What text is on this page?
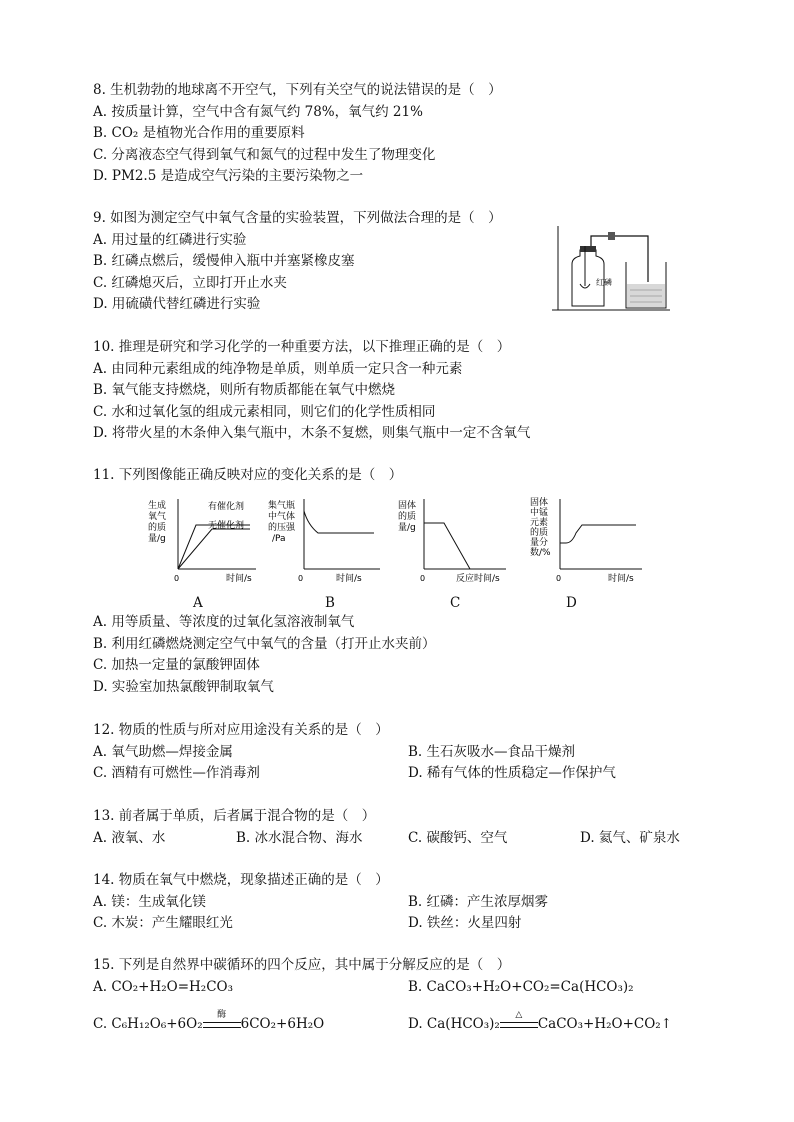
8. 生机勃勃的地球离不开空气，下列有关空气的说法错误的是（　）
A. 按质量计算，空气中含有氮气约 78%，氧气约 21%
B. CO₂ 是植物光合作用的重要原料
C. 分离液态空气得到氧气和氮气的过程中发生了物理变化
D. PM2.5 是造成空气污染的主要污染物之一
9. 如图为测定空气中氧气含量的实验装置，下列做法合理的是（　）
A. 用过量的红磷进行实验
B. 红磷点燃后，缓慢伸入瓶中并塞紧橡皮塞
C. 红磷熄灭后，立即打开止水夹
D. 用硫磺代替红磷进行实验
红磷
10. 推理是研究和学习化学的一种重要方法，以下推理正确的是（　）
A. 由同种元素组成的纯净物是单质，则单质一定只含一种元素
B. 氧气能支持燃烧，则所有物质都能在氧气中燃烧
C. 水和过氧化氢的组成元素相同，则它们的化学性质相同
D. 将带火星的木条伸入集气瓶中，木条不复燃，则集气瓶中一定不含氧气
11. 下列图像能正确反映对应的变化关系的是（　）
生成
氧气
的质
量/g
有催化剂
无催化剂
0	时间/s
集气瓶
中气体
的压强
/Pa
0	时间/s
固体
的质
量/g
0	反应时间/s
固体
中锰
元素
的质
量分
数/%
0	时间/s
A	B	C	D
A. 用等质量、等浓度的过氧化氢溶液制氧气
B. 利用红磷燃烧测定空气中氧气的含量（打开止水夹前）
C. 加热一定量的氯酸钾固体
D. 实验室加热氯酸钾制取氧气
12. 物质的性质与所对应用途没有关系的是（　）
A. 氧气助燃—焊接金属	B. 生石灰吸水—食品干燥剂
C. 酒精有可燃性—作消毒剂	D. 稀有气体的性质稳定—作保护气
13. 前者属于单质，后者属于混合物的是（　）
A. 液氧、水	B. 冰水混合物、海水	C. 碳酸钙、空气	D. 氦气、矿泉水
14. 物质在氧气中燃烧，现象描述正确的是（　）
A. 镁：生成氧化镁	B. 红磷：产生浓厚烟雾
C. 木炭：产生耀眼红光	D. 铁丝：火星四射
15. 下列是自然界中碳循环的四个反应，其中属于分解反应的是（　）
A. CO₂+H₂O=H₂CO₃	B. CaCO₃+H₂O+CO₂=Ca(HCO₃)₂
C. C₆H₁₂O₆+6O₂
酶
6CO₂+6H₂O	D. Ca(HCO₃)₂
△
CaCO₃+H₂O+CO₂↑
